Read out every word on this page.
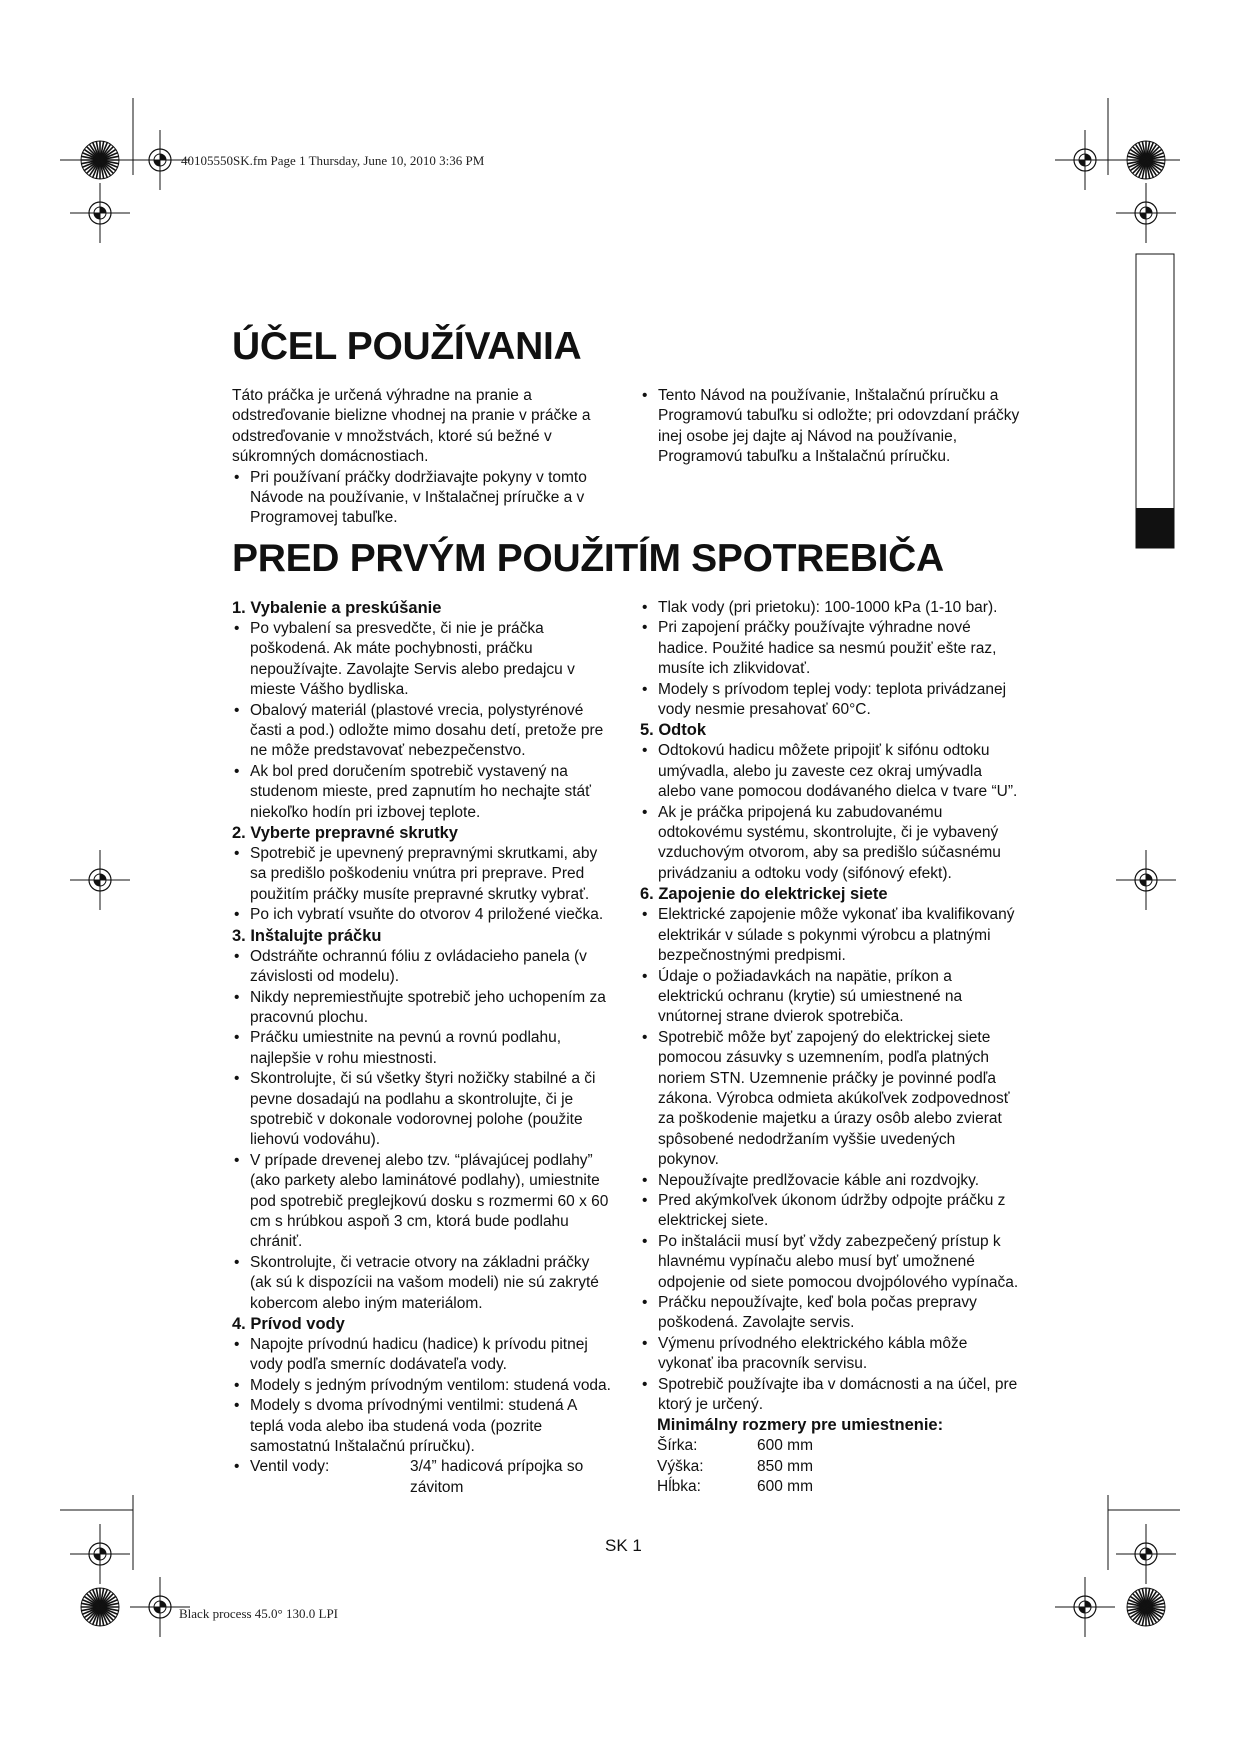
40105550SK.fm Page 1 Thursday, June 10, 2010 3:36 PM
Black process 45.0° 130.0 LPI
ÚČEL POUŽÍVANIA

Táto práčka je určená výhradne na pranie a odstreďovanie bielizne vhodnej na pranie v práčke a odstreďovanie v množstvách, ktoré sú bežné v súkromných domácnostiach.

• Pri používaní práčky dodržiavajte pokyny v tomto Návode na používanie, v Inštalačnej príručke a v Programovej tabuľke.
• Tento Návod na používanie, Inštalačnú príručku a Programovú tabuľku si odložte; pri odovzdaní práčky inej osobe jej dajte aj Návod na používanie, Programovú tabuľku a Inštalačnú príručku.
PRED PRVÝM POUŽITÍM SPOTREBIČA
1. Vybalenie a preskúšanie
• Po vybalení sa presvedčte, či nie je práčka poškodená. Ak máte pochybnosti, práčku nepoužívajte. Zavolajte Servis alebo predajcu v mieste Vášho bydliska.
• Obalový materiál (plastové vrecia, polystyrénové časti a pod.) odložte mimo dosahu detí, pretože pre ne môže predstavovať nebezpečenstvo.
• Ak bol pred doručením spotrebič vystavený na studenom mieste, pred zapnutím ho nechajte stáť niekoľko hodín pri izbovej teplote.
2. Vyberte prepravné skrutky
• Spotrebič je upevnený prepravnými skrutkami, aby sa predišlo poškodeniu vnútra pri preprave. Pred použitím práčky musíte prepravné skrutky vybrať.
• Po ich vybratí vsuňte do otvorov 4 priložené viečka.
3. Inštalujte práčku
• Odstráňte ochrannú fóliu z ovládacieho panela (v závislosti od modelu).
• Nikdy nepremiestňujte spotrebič jeho uchopením za pracovnú plochu.
• Práčku umiestnite na pevnú a rovnú podlahu, najlepšie v rohu miestnosti.
• Skontrolujte, či sú všetky štyri nožičky stabilné a či pevne dosadajú na podlahu a skontrolujte, či je spotrebič v dokonale vodorovnej polohe (použite liehovú vodováhu).
• V prípade drevenej alebo tzv. “plávajúcej podlahy” (ako parkety alebo laminátové podlahy), umiestnite pod spotrebič preglejkovú dosku s rozmermi 60 x 60 cm s hrúbkou aspoň 3 cm, ktorá bude podlahu chrániť.
• Skontrolujte, či vetracie otvory na základni práčky (ak sú k dispozícii na vašom modeli) nie sú zakryté kobercom alebo iným materiálom.
4. Prívod vody
• Napojte prívodnú hadicu (hadice) k prívodu pitnej vody podľa smerníc dodávateľa vody.
• Modely s jedným prívodným ventilom: studená voda.
• Modely s dvoma prívodnými ventilmi: studená A teplá voda alebo iba studená voda (pozrite samostatnú Inštalačnú príručku).
• Ventil vody:	3/4” hadicová prípojka so závitom
• Tlak vody (pri prietoku): 100-1000 kPa (1-10 bar).
• Pri zapojení práčky používajte výhradne nové hadice. Použité hadice sa nesmú použiť ešte raz, musíte ich zlikvidovať.
• Modely s prívodom teplej vody: teplota privádzanej vody nesmie presahovať 60°C.
5. Odtok
• Odtokovú hadicu môžete pripojiť k sifónu odtoku umývadla, alebo ju zaveste cez okraj umývadla alebo vane pomocou dodávaného dielca v tvare “U”.
• Ak je práčka pripojená ku zabudovanému odtokovému systému, skontrolujte, či je vybavený vzduchovým otvorom, aby sa predišlo súčasnému privádzaniu a odtoku vody (sifónový efekt).
6. Zapojenie do elektrickej siete
• Elektrické zapojenie môže vykonať iba kvalifikovaný elektrikár v súlade s pokynmi výrobcu a platnými bezpečnostnými predpismi.
• Údaje o požiadavkách na napätie, príkon a elektrickú ochranu (krytie) sú umiestnené na vnútornej strane dvierok spotrebiča.
• Spotrebič môže byť zapojený do elektrickej siete pomocou zásuvky s uzemnením, podľa platných noriem STN. Uzemnenie práčky je povinné podľa zákona. Výrobca odmieta akúkoľvek zodpovednosť za poškodenie majetku a úrazy osôb alebo zvierat spôsobené nedodržaním vyššie uvedených pokynov.
• Nepoužívajte predlžovacie káble ani rozdvojky.
• Pred akýmkoľvek úkonom údržby odpojte práčku z elektrickej siete.
• Po inštalácii musí byť vždy zabezpečený prístup k hlavnému vypínaču alebo musí byť umožnené odpojenie od siete pomocou dvojpólového vypínača.
• Práčku nepoužívajte, keď bola počas prepravy poškodená. Zavolajte servis.
• Výmenu prívodného elektrického kábla môže vykonať iba pracovník servisu.
• Spotrebič používajte iba v domácnosti a na účel, pre ktorý je určený.
Minimálny rozmery pre umiestnenie:
Šírka:	600 mm
Výška:	850 mm
Hĺbka:	600 mm
SK 1
